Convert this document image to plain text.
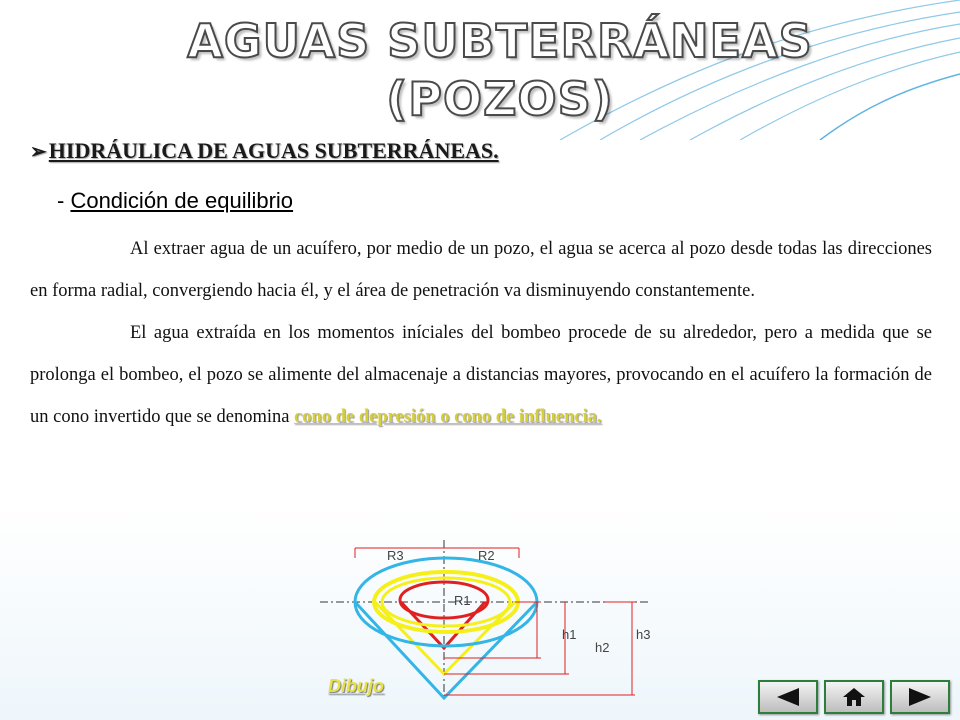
AGUAS SUBTERRÁNEAS
(POZOS)
➢HIDRÁULICA DE AGUAS SUBTERRÁNEAS.
- Condición de equilibrio

Al extraer agua de un acuífero, por medio de un pozo, el agua se acerca al pozo desde todas las direcciones en forma radial, convergiendo hacia él, y el área de penetración va disminuyendo constantemente.

El agua extraída en los momentos iníciales del bombeo procede de su alrededor, pero a medida que se prolonga el bombeo, el pozo se alimente del almacenaje a distancias mayores, provocando en el acuífero la formación de un cono invertido que se denomina cono de depresión o cono de influencia.

R3	R2
R1
h1
h2
h3
Dibujo
